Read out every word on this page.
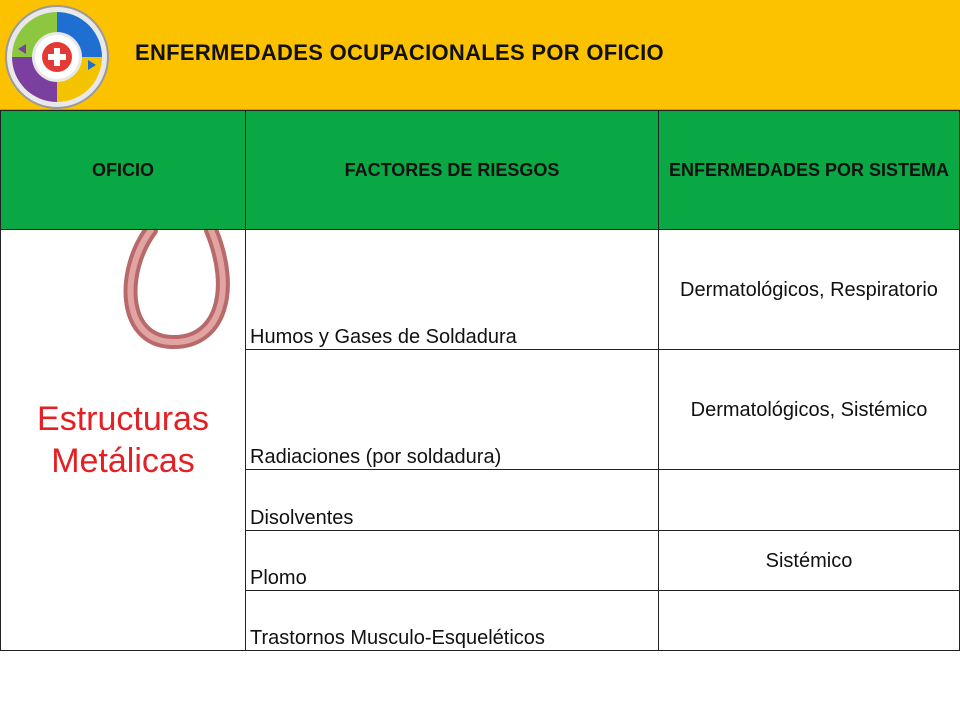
ENFERMEDADES OCUPACIONALES POR OFICIO
OFICIO	FACTORES DE RIESGOS	ENFERMEDADES POR SISTEMA
Estructuras Metálicas
Humos y Gases de Soldadura
Dermatológicos, Respiratorio
Radiaciones (por soldadura)
Dermatológicos, Sistémico
Disolventes
Plomo
Sistémico
Trastornos Musculo-Esqueléticos
